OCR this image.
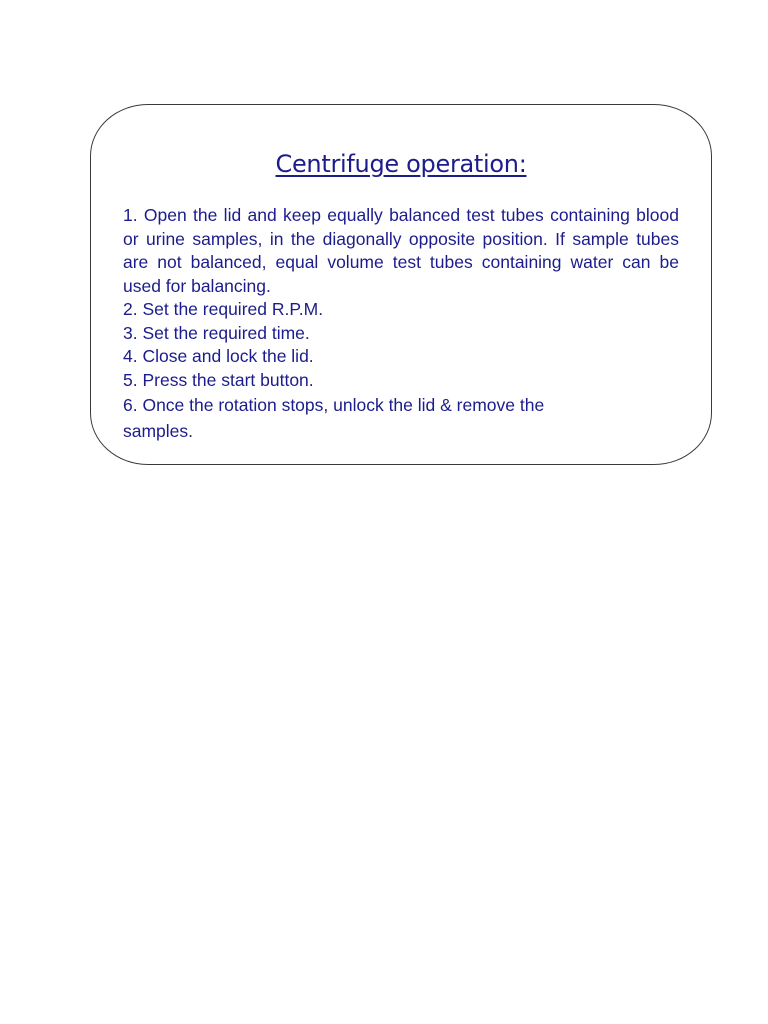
Centrifuge operation:
1. Open the lid and keep equally balanced test tubes containing blood or urine samples, in the diagonally opposite position. If sample tubes are not balanced, equal volume test tubes containing water can be used for balancing.
2. Set the required R.P.M.
3. Set the required time.
4. Close and lock the lid.
5. Press the start button.
6. Once the rotation stops, unlock the lid & remove the samples.
